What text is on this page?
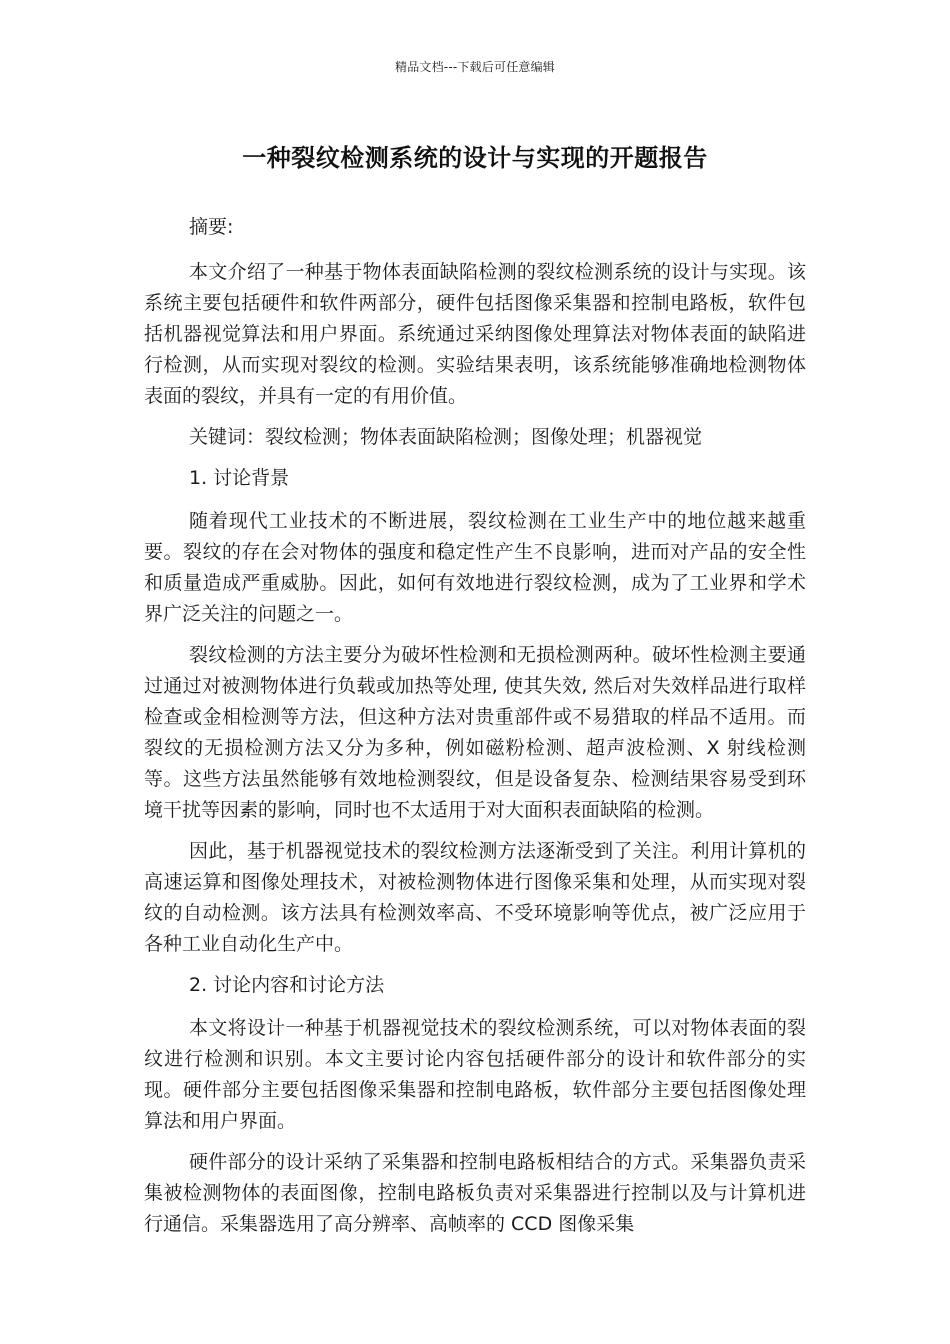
精品文档---下载后可任意编辑
一种裂纹检测系统的设计与实现的开题报告

摘要:

本文介绍了一种基于物体表面缺陷检测的裂纹检测系统的设计与实现。该系统主要包括硬件和软件两部分，硬件包括图像采集器和控制电路板，软件包括机器视觉算法和用户界面。系统通过采纳图像处理算法对物体表面的缺陷进行检测，从而实现对裂纹的检测。实验结果表明，该系统能够准确地检测物体表面的裂纹，并具有一定的有用价值。

关键词：裂纹检测；物体表面缺陷检测；图像处理；机器视觉

1. 讨论背景

随着现代工业技术的不断进展，裂纹检测在工业生产中的地位越来越重要。裂纹的存在会对物体的强度和稳定性产生不良影响，进而对产品的安全性和质量造成严重威胁。因此，如何有效地进行裂纹检测，成为了工业界和学术界广泛关注的问题之一。

裂纹检测的方法主要分为破坏性检测和无损检测两种。破坏性检测主要通过通过对被测物体进行负载或加热等处理, 使其失效, 然后对失效样品进行取样检查或金相检测等方法，但这种方法对贵重部件或不易猎取的样品不适用。而裂纹的无损检测方法又分为多种，例如磁粉检测、超声波检测、X 射线检测等。这些方法虽然能够有效地检测裂纹，但是设备复杂、检测结果容易受到环境干扰等因素的影响，同时也不太适用于对大面积表面缺陷的检测。

因此，基于机器视觉技术的裂纹检测方法逐渐受到了关注。利用计算机的高速运算和图像处理技术，对被检测物体进行图像采集和处理，从而实现对裂纹的自动检测。该方法具有检测效率高、不受环境影响等优点，被广泛应用于各种工业自动化生产中。

2. 讨论内容和讨论方法

本文将设计一种基于机器视觉技术的裂纹检测系统，可以对物体表面的裂纹进行检测和识别。本文主要讨论内容包括硬件部分的设计和软件部分的实现。硬件部分主要包括图像采集器和控制电路板，软件部分主要包括图像处理算法和用户界面。

硬件部分的设计采纳了采集器和控制电路板相结合的方式。采集器负责采集被检测物体的表面图像，控制电路板负责对采集器进行控制以及与计算机进行通信。采集器选用了高分辨率、高帧率的 CCD 图像采集
